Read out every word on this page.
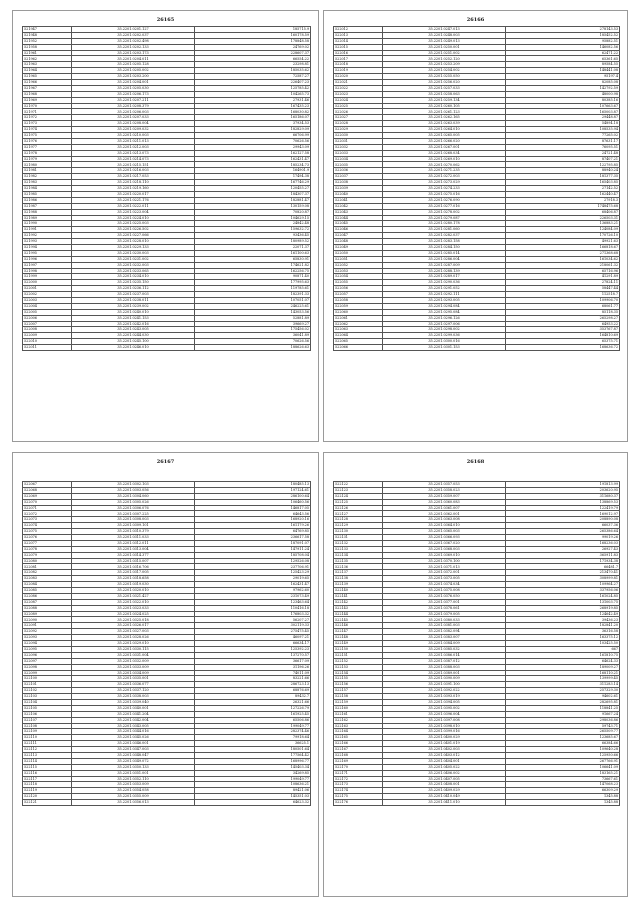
26165
521947	35.2201.0201.127	185715.9
521948	35.2201.0202.037	160178.59
521952	35.2201.0202.498	178848.58
521958	35.2201.0202.133	24769.02
521961	35.2201.0203.173	228607.37
521962	35.2201.0204.011	66554.22
521963	35.2201.0205.128	23298.81
521964	35.2201.0205.002	185035.62
521965	35.2201.0203.200	72587.27
521966	35.2201.0204.001	226407.23
521967	35.2201.0205.030	125785.42
521968	35.2201.0206.173	104265.73
521969	35.2201.0207.211	27931.46
521970	35.2201.0208.379	167435.23
521971	35.2201.0206.003	168030.82
521972	35.2201.0207.033	165186.07
521973	35.2201.0208.004	37934.53
521974	35.2201.0209.032	182829.09
521975	35.2201.0210.003	66706.99
521976	35.2201.0211.013	70626.56
521977	35.2201.0212.003	29943.09
521978	35.2201.0213.073	162127.58
521979	35.2201.0214.073	162431.47
521980	35.2201.0215.151	185234.73
521981	35.2201.0216.003	164901.9
521982	35.2201.0217.053	17494.38
521983	35.2201.0218.110	167746.29
521984	35.2201.0219.160	120455.27
521985	35.2201.0220.017	184307.37
521986	35.2201.0221.176	182881.47
521987	35.2201.0222.011	130159.08
521988	35.2201.0223.004	70820.87
521989	35.2201.0224.010	104629.15
521990	35.2201.0225.003	24842.48
521991	35.2201.0226.502	159632.72
521992	35.2201.0227.066	93436.45
521993	35.2201.0228.010	180989.52
521994	35.2201.0229.133	22071.37
521995	35.2201.0230.003	161100.63
521996	35.2201.0231.002	65830.91
521997	35.2201.0232.003	174621.82
521998	35.2201.0233.065	162256.75
521999	35.2201.0234.010	90871.40
522000	35.2201.0235.150	177995.63
522001	35.2201.0236.112	119785.61
522002	35.2201.0237.003	182391.33
522003	35.2201.0238.011	107051.07
522004	35.2201.0239.002	246225.61
522005	35.2201.0240.010	143053.56
522006	35.2201.0241.153	52881.89
522007	35.2201.0242.016	39669.27
522008	35.2201.0243.005	175456.02
522009	35.2201.0244.030	36041.89
522010	35.2201.0245.100	70626.56
522011	35.2201.0246.010	188626.63
26166
522012	35.2201.0247.013	278143.53
522013	35.2201.0248.003	185452.52
522014	35.2201.0249.013	95882.51
522015	35.2201.0250.001	146082.56
522016	35.2201.0251.002	62471.22
522017	35.2201.0252.120	65361.65
522018	35.2201.0253.209	89584.55
522019	35.2201.0254.002	148441.08
522020	35.2201.0255.050	95197.4
522021	35.2201.0256.020	82085.08
522022	35.2201.0257.033	142792.59
522023	35.2201.0258.063	48000.98
522024	35.2201.0259.134	80385.16
522025	35.2201.0260.105	107663.67
522026	35.2201.0261.123	165003.87
522027	35.2201.0262.165	29448.87
522028	35.2201.0263.039	54894.18
522029	35.2201.0264.010	108535.94
522030	35.2201.0265.005	77265.02
522031	35.2201.0266.020	87631.17
522032	35.2201.0267.001	76095.51
522033	35.2201.0268.034	24721.48
522034	35.2201.0269.010	87407.21
522035	35.2201.0270.062	122795.85
522036	35.2201.0271.235	88940.24
522037	35.2201.0272.003	181377.35
522038	35.2201.0273.029	165403.85
522039	35.2201.0274.233	27142.52
522040	35.2201.0275.016	162440.47
522041	35.2201.0276.090	27918.3
522042	35.2201.0277.016	1748475.68
522043	35.2201.0278.002	68406.87
522044	35.2201.0279.087	226503.31
522045	35.2201.0280.178	136883.21
522046	35.2201.0281.060	124084.09
522047	35.2201.0282.037	170726.10
522048	35.2201.0283.158	49921.63
522049	35.2201.0284.150	166818.67
522050	35.2201.0285.014	271368.68
522051	35.2201.0286.004	161034.62
522052	35.2201.0287.009	218061.32
522053	35.2201.0288.139	65716.96
522054	35.2201.0289.017	41291.89
522055	35.2201.0290.036	27824.11
522056	35.2201.0291.052	58447.44
522057	35.2201.0292.111	112518.7
522058	35.2201.0293.005	109906.70
522059	35.2201.0294.084	68061.77
522060	35.2201.0295.084	85118.35
522061	35.2201.0296.126	265298.27
522062	35.2201.0297.006	64953.22
522063	35.2201.0298.002	353767.87
522064	35.2201.0299.036	164810.69
522065	35.2201.0300.016	65375.71
522066	35.2201.0301.153	168636.72
26167
522067	35.2201.0302.103	180485.13
522068	35.2201.0303.056	197124.61
522069	35.2201.0304.060	286100.64
522070	35.2201.0305.026	106460.56
522071	35.2201.0306.076	146817.05
522072	35.2201.0307.225	64643.56
522073	35.2201.0308.003	168920.16
522074	35.2201.0309.101	161179.26
522075	35.2201.0310.379	64769.85
522076	35.2201.0311.033	236617.58
522077	35.2201.0312.011	187091.07
522078	35.2201.0313.004	147911.24
522079	35.2201.0314.377	185708.04
522080	35.2201.0315.007	129526.08
522081	35.2201.0316.706	237706.91
522082	35.2201.0317.005	125423.29
522083	35.2201.0318.658	29019.65
522084	35.2201.0319.030	162431.47
522085	35.2201.0320.010	97962.60
522086	35.2201.0321.427	231073.49
522087	35.2201.0322.010	123463.64
522088	35.2201.0323.033	110416.18
522089	35.2201.0324.025	176803.32
522090	35.2201.0325.018	56207.27
522091	35.2201.0326.017	302119.33
522092	35.2201.0327.003	275475.45
522093	35.2201.0328.026	46097.21
522094	35.2201.0329.010	66634.17
522095	35.2201.0330.115	125392.23
522096	35.2201.0331.004	137270.57
522097	35.2201.0332.009	36617.09
522098	35.2201.0333.009	31196.26
522099	35.2201.0334.009	74011.09
522100	35.2201.0335.001	83221.66
522101	35.2201.0336.077	286723.13
522102	35.2201.0337.120	68876.69
522103	35.2201.0338.003	89432.7
522104	35.2201.0339.040	26321.66
522105	35.2201.0340.001	127226.79
522106	35.2201.0341.204	161925.45
522107	35.2201.0342.004	65506.86
522108	35.2201.0343.005	199049.77
522109	35.2201.0344.016	282374.46
522110	35.2201.0345.026	79918.64
522111	35.2201.0346.001	36625.1
522112	35.2201.0347.003	180501.64
522113	35.2201.0348.047	177564.42
522114	35.2201.0349.072	168996.77
522115	35.2201.0350.133	145403.34
522116	35.2201.0351.001	34269.85
522117	35.2201.0352.110	199049.77
522118	35.2201.0353.009	108636.21
522119	35.2201.0354.058	89421.06
522120	35.2201.0355.009	145351.03
522121	35.2201.0356.013	64623.32
26168
522122	35.2201.0357.053	191813.99
522123	35.2201.0358.023	203620.95
522124	35.2201.0359.007	311680.37
522125	35.2201.0360.083	138869.53
522126	35.2201.0361.007	122419.79
522127	35.2201.0362.001	169012.97
522128	35.2201.0363.008	208890.08
522129	35.2201.0364.010	66037.36
522130	35.2201.0365.003	265386.64
522131	35.2201.0366.093	99019.26
522132	35.2201.0367.020	168236.03
522133	35.2201.0368.003	26927.43
522134	35.2201.0369.010	365911.83
522135	35.2201.0370.100	171934.38
522136	35.2201.0371.013	66481.7
522137	35.2201.0372.001	213470.41
522138	35.2201.0373.005	308999.81
522139	35.2201.0374.034	109964.27
522140	35.2201.0375.008	337956.06
522141	35.2201.0376.050	161024.85
522142	35.2201.0377.001	131003.75
522143	35.2201.0378.061	268919.85
522144	35.2201.0379.005	124642.49
522145	35.2201.0380.033	39436.23
522146	35.2201.0381.003	182841.20
522147	35.2201.0382.094	36316.58
522148	35.2201.0383.007	163375.12
522149	35.2201.0384.009	103425.50
522150	35.2201.0385.032	667
522151	35.2201.0386.014	161810.75
522152	35.2201.0387.012	64624.33
522153	35.2201.0388.003	189009.27
522154	35.2201.0389.001	168110.21
522155	35.2201.0390.009	139999.45
522156	35.2201.0391.100	311283.14
522157	35.2201.0392.022	257329.30
522158	35.2201.0393.019	94602.61
522159	35.2201.0394.005	282695.81
522160	35.2201.0395.002	118841.25
522161	35.2201.0396.004	91667.24
522162	35.2201.0397.008	298036.86
522163	35.2201.0398.010	59743.71
522164	35.2201.0399.016	265509.77
522165	35.2201.0400.029	123685.67
522166	35.2201.0401.019	66384.66
522167	35.2201.0402.003	109640.28
522168	35.2201.0403.012	125950.66
522169	35.2201.0404.001	267766.91
522170	35.2201.0405.022	106641.09
522171	35.2201.0406.002	183165.21
522172	35.2201.0407.005	73667.61
522173	35.2201.0408.001	147068.23
522174	35.2201.0409.029	66309.29
522175	35.2201.0410.049	1345.88
522176	35.2201.0411.010	1345.88
